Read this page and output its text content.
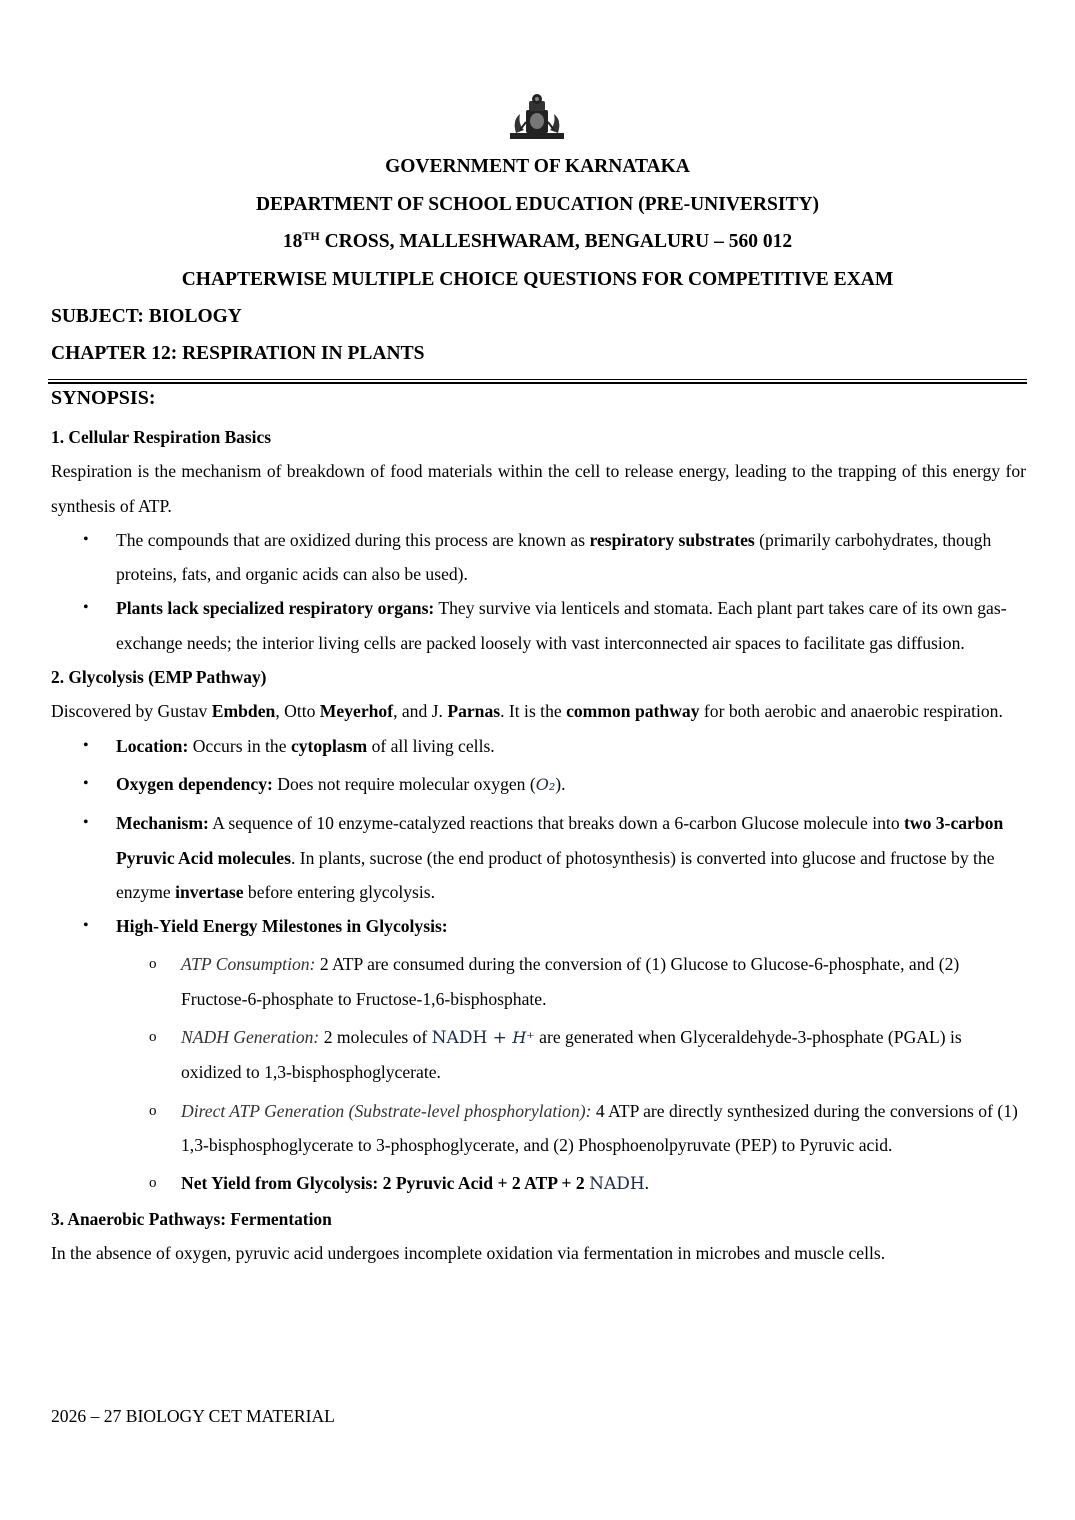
GOVERNMENT OF KARNATAKA
DEPARTMENT OF SCHOOL EDUCATION (PRE-UNIVERSITY)
18TH CROSS, MALLESHWARAM, BENGALURU – 560 012
CHAPTERWISE MULTIPLE CHOICE QUESTIONS FOR COMPETITIVE EXAM
SUBJECT: BIOLOGY
CHAPTER 12: RESPIRATION IN PLANTS
SYNOPSIS:

1. Cellular Respiration Basics

Respiration is the mechanism of breakdown of food materials within the cell to release energy, leading to the trapping of this energy for synthesis of ATP.

• The compounds that are oxidized during this process are known as respiratory substrates (primarily carbohydrates, though proteins, fats, and organic acids can also be used).
• Plants lack specialized respiratory organs: They survive via lenticels and stomata. Each plant part takes care of its own gas-exchange needs; the interior living cells are packed loosely with vast interconnected air spaces to facilitate gas diffusion.

2. Glycolysis (EMP Pathway)

Discovered by Gustav Embden, Otto Meyerhof, and J. Parnas. It is the common pathway for both aerobic and anaerobic respiration.

• Location: Occurs in the cytoplasm of all living cells.
• Oxygen dependency: Does not require molecular oxygen (O₂).
• Mechanism: A sequence of 10 enzyme-catalyzed reactions that breaks down a 6-carbon Glucose molecule into two 3-carbon Pyruvic Acid molecules. In plants, sucrose (the end product of photosynthesis) is converted into glucose and fructose by the enzyme invertase before entering glycolysis.
• High-Yield Energy Milestones in Glycolysis:
o ATP Consumption: 2 ATP are consumed during the conversion of (1) Glucose to Glucose-6-phosphate, and (2) Fructose-6-phosphate to Fructose-1,6-bisphosphate.
o NADH Generation: 2 molecules of NADH + H⁺ are generated when Glyceraldehyde-3-phosphate (PGAL) is oxidized to 1,3-bisphosphoglycerate.
o Direct ATP Generation (Substrate-level phosphorylation): 4 ATP are directly synthesized during the conversions of (1) 1,3-bisphosphoglycerate to 3-phosphoglycerate, and (2) Phosphoenolpyruvate (PEP) to Pyruvic acid.
o Net Yield from Glycolysis: 2 Pyruvic Acid + 2 ATP + 2 NADH.

3. Anaerobic Pathways: Fermentation

In the absence of oxygen, pyruvic acid undergoes incomplete oxidation via fermentation in microbes and muscle cells.

2026 – 27 BIOLOGY CET MATERIAL
